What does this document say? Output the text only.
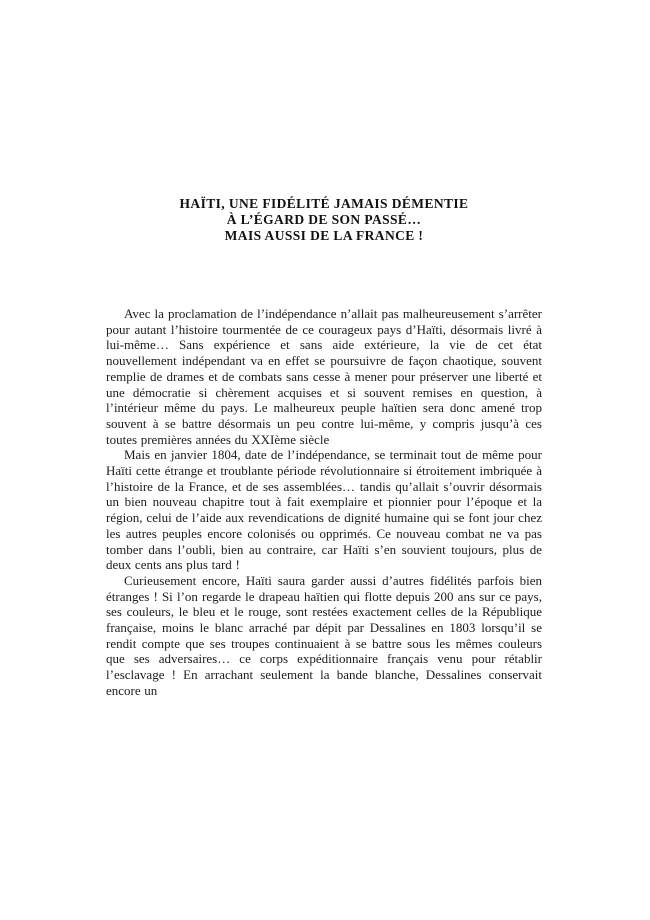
HAÏTI, UNE FIDÉLITÉ JAMAIS DÉMENTIE
À L’ÉGARD DE SON PASSÉ…
MAIS AUSSI DE LA FRANCE !

Avec la proclamation de l’indépendance n’allait pas malheureusement s’arrêter pour autant l’histoire tourmentée de ce courageux pays d’Haïti, désormais livré à lui-même… Sans expérience et sans aide extérieure, la vie de cet état nouvellement indépendant va en effet se poursuivre de façon chaotique, souvent remplie de drames et de combats sans cesse à mener pour préserver une liberté et une démocratie si chèrement acquises et si souvent remises en question, à l’intérieur même du pays. Le malheureux peuple haïtien sera donc amené trop souvent à se battre désormais un peu contre lui-même, y compris jusqu’à ces toutes premières années du XXIème siècle

Mais en janvier 1804, date de l’indépendance, se terminait tout de même pour Haïti cette étrange et troublante période révolutionnaire si étroitement imbriquée à l’histoire de la France, et de ses assemblées… tandis qu’allait s’ouvrir désormais un bien nouveau chapitre tout à fait exemplaire et pionnier pour l’époque et la région, celui de l’aide aux revendications de dignité humaine qui se font jour chez les autres peuples encore colonisés ou opprimés. Ce nouveau combat ne va pas tomber dans l’oubli, bien au contraire, car Haïti s’en souvient toujours, plus de deux cents ans plus tard !

Curieusement encore, Haïti saura garder aussi d’autres fidélités parfois bien étranges ! Si l’on regarde le drapeau haïtien qui flotte depuis 200 ans sur ce pays, ses couleurs, le bleu et le rouge, sont restées exactement celles de la République française, moins le blanc arraché par dépit par Dessalines en 1803 lorsqu’il se rendit compte que ses troupes continuaient à se battre sous les mêmes couleurs que ses adversaires… ce corps expéditionnaire français venu pour rétablir l’esclavage ! En arrachant seulement la bande blanche, Dessalines conservait encore un
